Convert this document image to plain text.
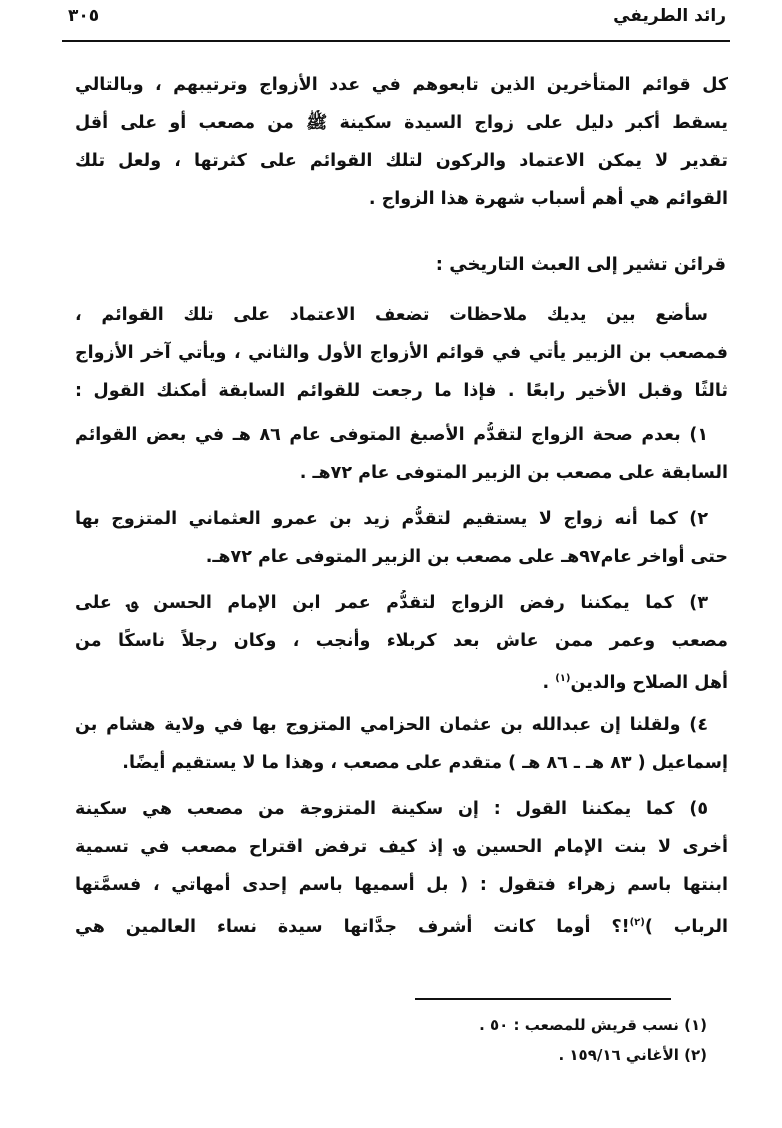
٣٠٥	رائد الطريفي
كل قوائم المتأخرين الذين تابعوهم في عدد الأزواج وترتيبهم ، وبالتالي
يسقط أكبر دليل على زواج السيدة سكينة ﷺ من مصعب أو على أقل
تقدير لا يمكن الاعتماد والركون لتلك القوائم على كثرتها ، ولعل تلك
القوائم هي أهم أسباب شهرة هذا الزواج .
قرائن تشير إلى العبث التاريخي :
سأضع بين يديك ملاحظات تضعف الاعتماد على تلك القوائم ،
فمصعب بن الزبير يأتي في قوائم الأزواج الأول والثاني ، ويأتي آخر الأزواج
ثالثًا وقبل الأخير رابعًا . فإذا ما رجعت للقوائم السابقة أمكنك القول :
١) بعدم صحة الزواج لتقدُّم الأصبغ المتوفى عام ٨٦ هـ في بعض القوائم
السابقة على مصعب بن الزبير المتوفى عام ٧٢هـ .
٢) كما أنه زواج لا يستقيم لتقدُّم زيد بن عمرو العثماني المتزوج بها
حتى أواخر عام٩٧هـ على مصعب بن الزبير المتوفى عام ٧٢هـ.
٣) كما يمكننا رفض الزواج لتقدُّم عمر ابن الإمام الحسن ؈ على
مصعب وعمر ممن عاش بعد كربلاء وأنجب ، وكان رجلاً ناسكًا من
أهل الصلاح والدين$^{(١)}$ .
٤) ولقلنا إن عبدالله بن عثمان الحزامي المتزوج بها في ولاية هشام بن
إسماعيل ( ٨٣ هـ ـ ٨٦ هـ ) متقدم على مصعب ، وهذا ما لا يستقيم أيضًا.
٥) كما يمكننا القول : إن سكينة المتزوجة من مصعب هي سكينة
أخرى لا بنت الإمام الحسين ؈ إذ كيف ترفض اقتراح مصعب في تسمية
ابنتها باسم زهراء فتقول : ( بل أسميها باسم إحدى أمهاتي ، فسمَّتها
الرباب )$^{(٢)}$!؟ أوما كانت أشرف جدَّاتها سيدة نساء العالمين هي
(١) نسب قريش للمصعب : ٥٠ .
(٢) الأغاني ١٥٩/١٦ .
